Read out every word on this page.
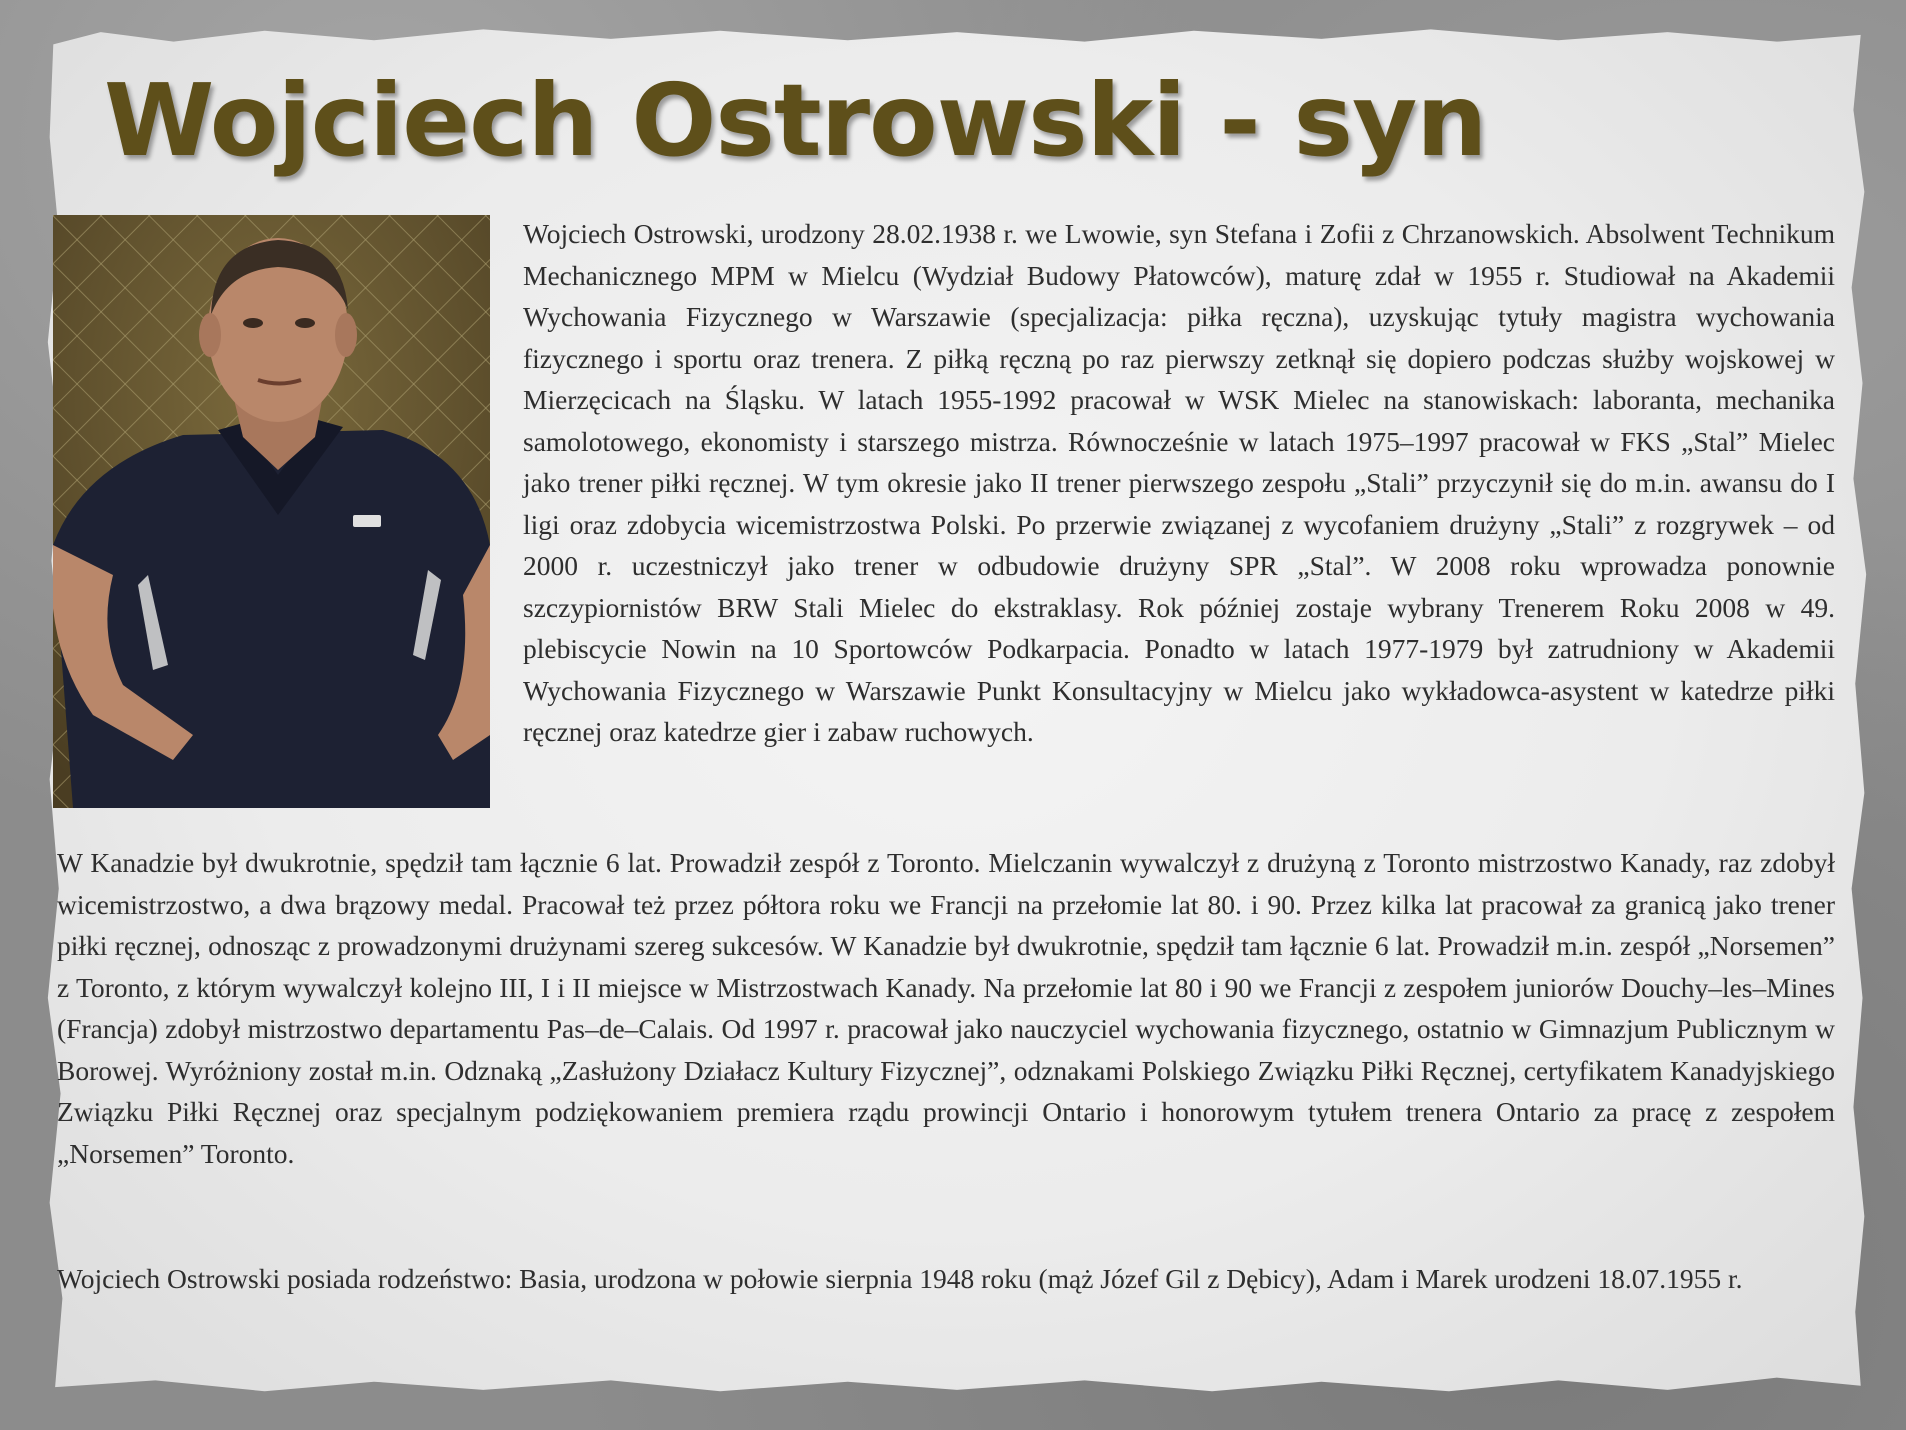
Wojciech Ostrowski - syn

Wojciech Ostrowski, urodzony 28.02.1938 r. we Lwowie, syn Stefana i Zofii z Chrzanowskich. Absolwent Technikum Mechanicznego MPM w Mielcu (Wydział Budowy Płatowców), maturę zdał w 1955 r. Studiował na Akademii Wychowania Fizycznego w Warszawie (specjalizacja: piłka ręczna), uzyskując tytuły magistra wychowania fizycznego i sportu oraz trenera. Z piłką ręczną po raz pierwszy zetknął się dopiero podczas służby wojskowej w Mierzęcicach na Śląsku. W latach 1955-1992 pracował w WSK Mielec na stanowiskach: laboranta, mechanika samolotowego, ekonomisty i starszego mistrza. Równocześnie w latach 1975–1997 pracował w FKS „Stal” Mielec jako trener piłki ręcznej. W tym okresie jako II trener pierwszego zespołu „Stali” przyczynił się do m.in. awansu do I ligi oraz zdobycia wicemistrzostwa Polski. Po przerwie związanej z wycofaniem drużyny „Stali” z rozgrywek – od 2000 r. uczestniczył jako trener w odbudowie drużyny SPR „Stal”. W 2008 roku wprowadza ponownie szczypiornistów BRW Stali Mielec do ekstraklasy. Rok później zostaje wybrany Trenerem Roku 2008 w 49. plebiscycie Nowin na 10 Sportowców Podkarpacia. Ponadto w latach 1977-1979 był zatrudniony w Akademii Wychowania Fizycznego w Warszawie Punkt Konsultacyjny w Mielcu jako wykładowca-asystent w katedrze piłki ręcznej oraz katedrze gier i zabaw ruchowych.

W Kanadzie był dwukrotnie, spędził tam łącznie 6 lat. Prowadził zespół z Toronto. Mielczanin wywalczył z drużyną z Toronto mistrzostwo Kanady, raz zdobył wicemistrzostwo, a dwa brązowy medal. Pracował też przez półtora roku we Francji na przełomie lat 80. i 90. Przez kilka lat pracował za granicą jako trener piłki ręcznej, odnosząc z prowadzonymi drużynami szereg sukcesów. W Kanadzie był dwukrotnie, spędził tam łącznie 6 lat. Prowadził m.in. zespół „Norsemen” z Toronto, z którym wywalczył kolejno III, I i II miejsce w Mistrzostwach Kanady. Na przełomie lat 80 i 90 we Francji z zespołem juniorów Douchy–les–Mines (Francja) zdobył mistrzostwo departamentu Pas–de–Calais. Od 1997 r. pracował jako nauczyciel wychowania fizycznego, ostatnio w Gimnazjum Publicznym w Borowej. Wyróżniony został m.in. Odznaką „Zasłużony Działacz Kultury Fizycznej”, odznakami Polskiego Związku Piłki Ręcznej, certyfikatem Kanadyjskiego Związku Piłki Ręcznej oraz specjalnym podziękowaniem premiera rządu prowincji Ontario i honorowym tytułem trenera Ontario za pracę z zespołem „Norsemen” Toronto.

Wojciech Ostrowski posiada rodzeństwo: Basia, urodzona w połowie sierpnia 1948 roku (mąż Józef Gil z Dębicy), Adam i Marek urodzeni 18.07.1955 r.
